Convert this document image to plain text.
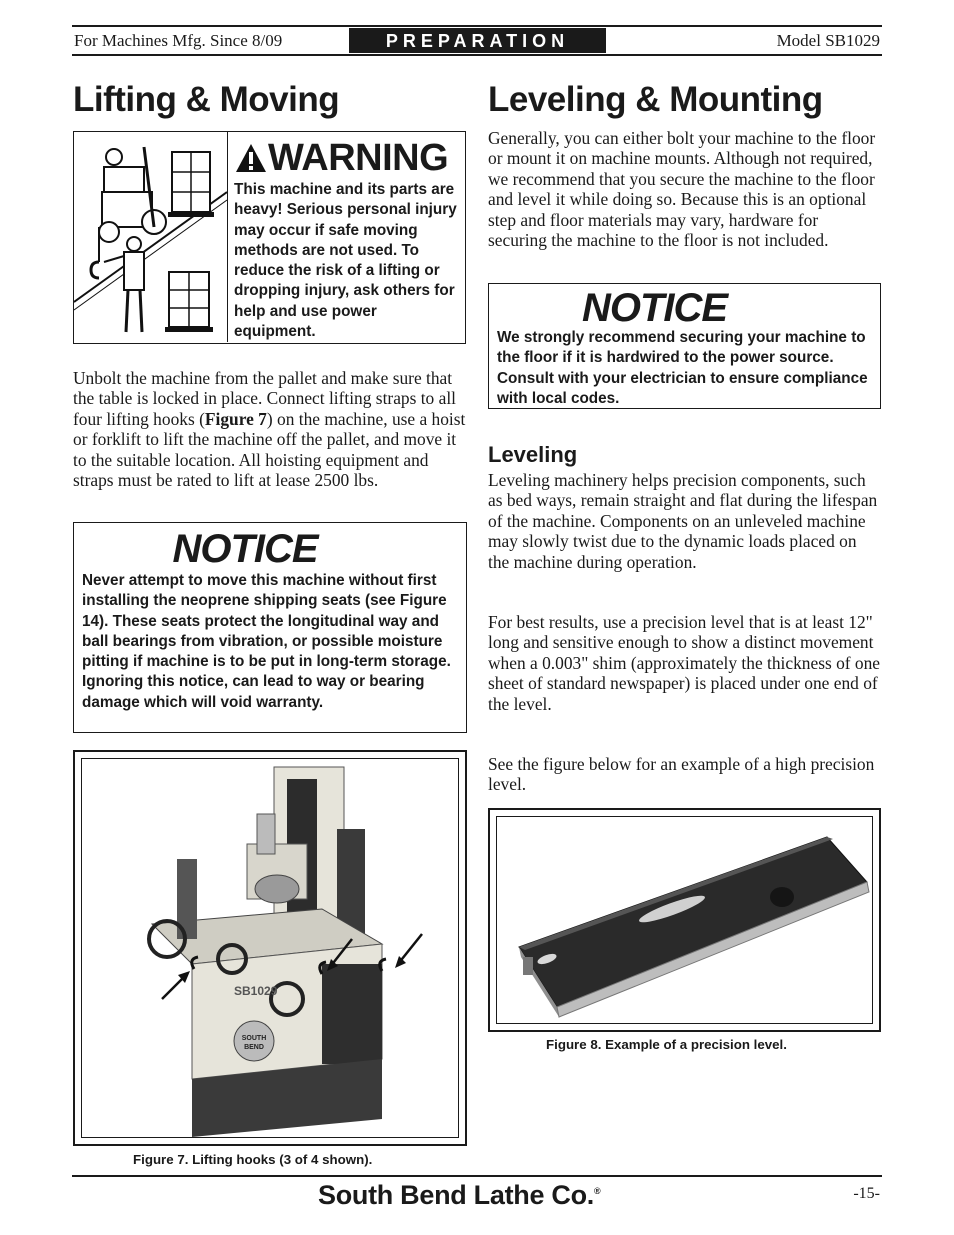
For Machines Mfg. Since 8/09	PREPARATION	Model SB1029
Lifting & Moving
WARNING

This machine and its parts are heavy! Serious personal injury may occur if safe moving methods are not used. To reduce the risk of a lifting or dropping injury, ask others for help and use power equipment.

Unbolt the machine from the pallet and make sure that the table is locked in place. Connect lifting straps to all four lifting hooks (Figure 7) on the machine, use a hoist or forklift to lift the machine off the pallet, and move it to the suitable location. All hoisting equipment and straps must be rated to lift at lease 2500 lbs.

NOTICE

Never attempt to move this machine without first installing the neoprene shipping seats (see Figure 14). These seats protect the longitudinal way and ball bearings from vibration, or possible moisture pitting if machine is to be put in long-term storage. Ignoring this notice, can lead to way or bearing damage which will void warranty.

SOUTH
BEND
SB1029
Figure 7. Lifting hooks (3 of 4 shown).
Leveling & Mounting

Generally, you can either bolt your machine to the floor or mount it on machine mounts. Although not required, we recommend that you secure the machine to the floor and level it while doing so. Because this is an optional step and floor materials may vary, hardware for securing the machine to the floor is not included.

NOTICE

We strongly recommend securing your machine to the floor if it is hardwired to the power source. Consult with your electrician to ensure compliance with local codes.

Leveling

Leveling machinery helps precision components, such as bed ways, remain straight and flat during the lifespan of the machine. Components on an unleveled machine may slowly twist due to the dynamic loads placed on the machine during operation.

For best results, use a precision level that is at least 12" long and sensitive enough to show a distinct movement when a 0.003" shim (approximately the thickness of one sheet of standard newspaper) is placed under one end of the level.

See the figure below for an example of a high precision level.

Figure 8. Example of a precision level.
South Bend Lathe Co.®	-15-
